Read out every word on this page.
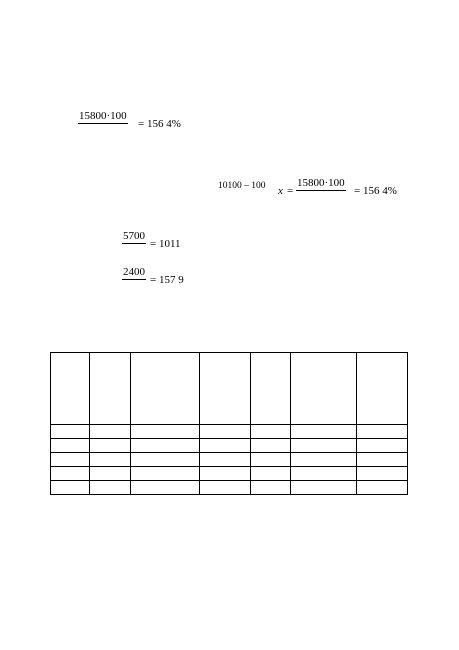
15800·100
= 156 4%
10100 – 100 x =
15800·100
= 156 4%
5700
= 1011
2400
= 157 9
